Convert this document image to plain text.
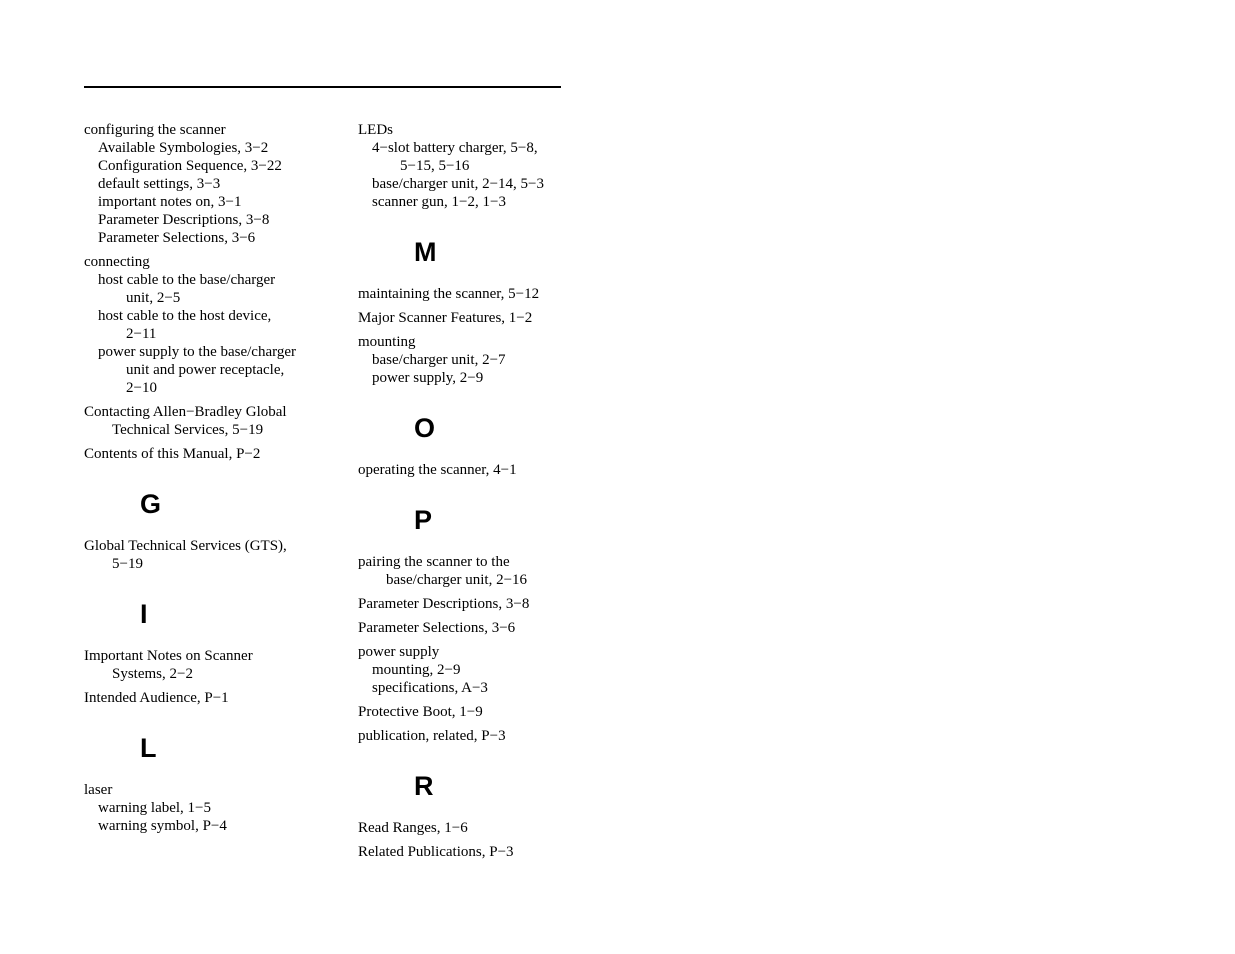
configuring the scanner
Available Symbologies, 3−2
Configuration Sequence, 3−22
default settings, 3−3
important notes on, 3−1
Parameter Descriptions, 3−8
Parameter Selections, 3−6
connecting
host cable to the base/charger
unit, 2−5
host cable to the host device,
2−11
power supply to the base/charger
unit and power receptacle,
2−10
Contacting Allen−Bradley Global
Technical Services, 5−19
Contents of this Manual, P−2
G
Global Technical Services (GTS),
5−19
I
Important Notes on Scanner
Systems, 2−2
Intended Audience, P−1
L
laser
warning label, 1−5
warning symbol, P−4
LEDs
4−slot battery charger, 5−8,
5−15, 5−16
base/charger unit, 2−14, 5−3
scanner gun, 1−2, 1−3
M
maintaining the scanner, 5−12
Major Scanner Features, 1−2
mounting
base/charger unit, 2−7
power supply, 2−9
O
operating the scanner, 4−1
P
pairing the scanner to the
base/charger unit, 2−16
Parameter Descriptions, 3−8
Parameter Selections, 3−6
power supply
mounting, 2−9
specifications, A−3
Protective Boot, 1−9
publication, related, P−3
R
Read Ranges, 1−6
Related Publications, P−3
